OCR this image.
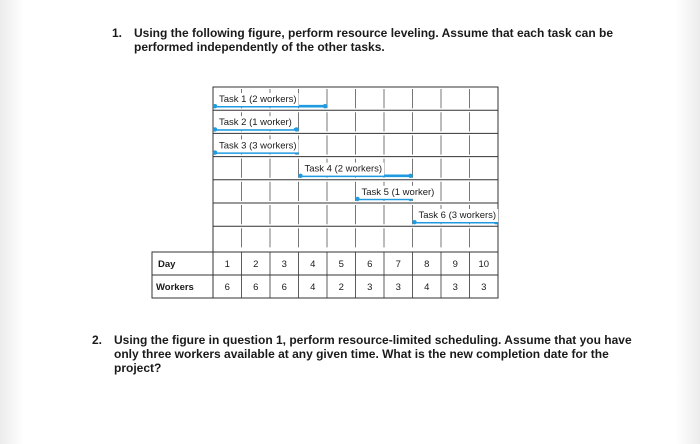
1. Using the following figure, perform resource leveling. Assume that each task can be performed independently of the other tasks.
Task 1 (2 workers)
Task 2 (1 worker)
Task 3 (3 workers)
Task 4 (2 workers)
Task 5 (1 worker)
Task 6 (3 workers)
Day
Workers
1
6
2
6
3
6
4
4
5
2
6
3
7
3
8
4
9
3
10
3
2. Using the figure in question 1, perform resource-limited scheduling. Assume that you have only three workers available at any given time. What is the new completion date for the project?
